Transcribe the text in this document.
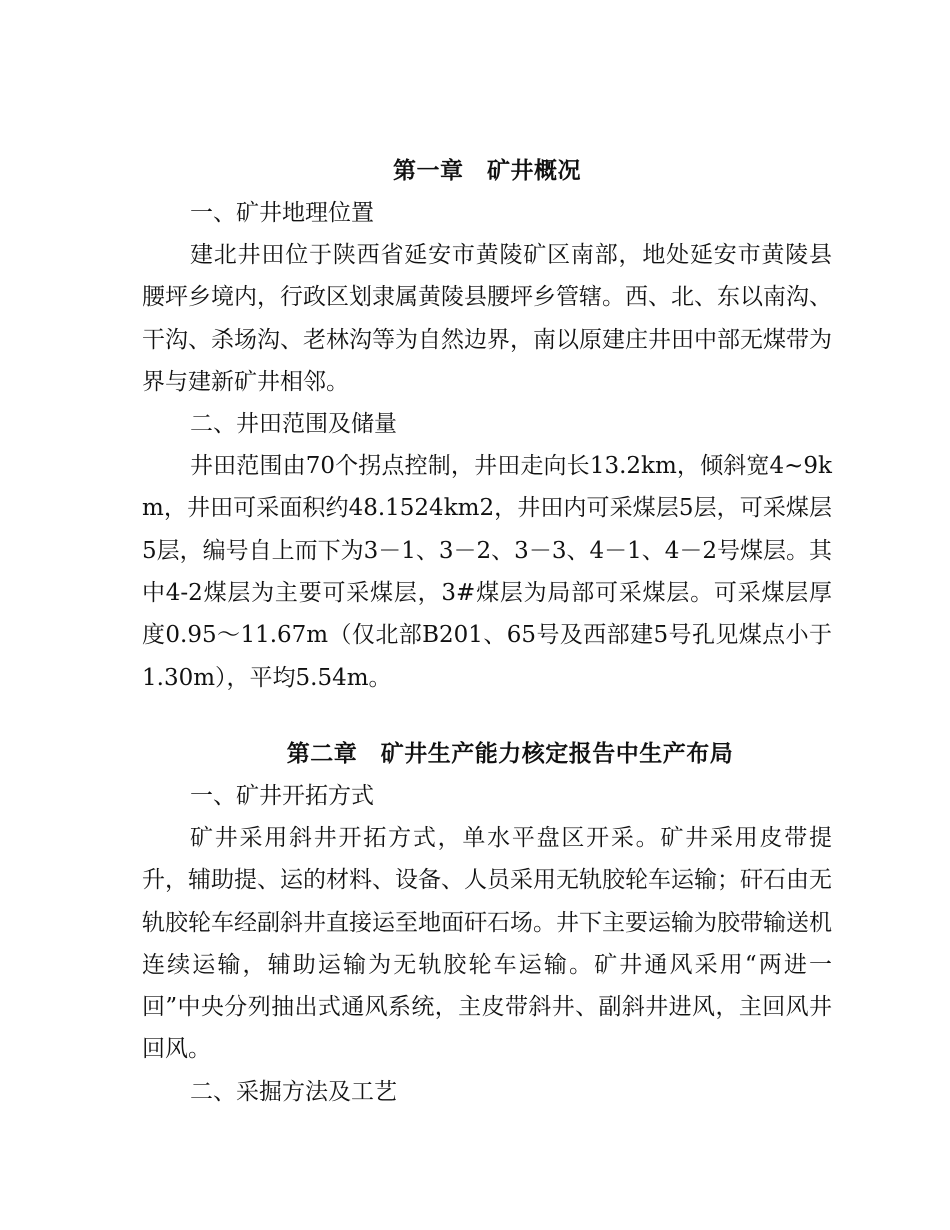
第一章　矿井概况
一、矿井地理位置

建北井田位于陕西省延安市黄陵矿区南部，地处延安市黄陵县腰坪乡境内，行政区划隶属黄陵县腰坪乡管辖。西、北、东以南沟、干沟、杀场沟、老林沟等为自然边界，南以原建庄井田中部无煤带为界与建新矿井相邻。

二、井田范围及储量

井田范围由70个拐点控制，井田走向长13.2km，倾斜宽4~9km，井田可采面积约48.1524km2，井田内可采煤层5层，可采煤层5层，编号自上而下为3－1、3－2、3－3、4－1、4－2号煤层。其中4-2煤层为主要可采煤层，3#煤层为局部可采煤层。可采煤层厚度0.95～11.67m（仅北部B201、65号及西部建5号孔见煤点小于1.30m），平均5.54m。

第二章　矿井生产能力核定报告中生产布局
一、矿井开拓方式

矿井采用斜井开拓方式，单水平盘区开采。矿井采用皮带提升，辅助提、运的材料、设备、人员采用无轨胶轮车运输；矸石由无轨胶轮车经副斜井直接运至地面矸石场。井下主要运输为胶带输送机连续运输，辅助运输为无轨胶轮车运输。矿井通风采用“两进一回”中央分列抽出式通风系统，主皮带斜井、副斜井进风，主回风井回风。

二、采掘方法及工艺
